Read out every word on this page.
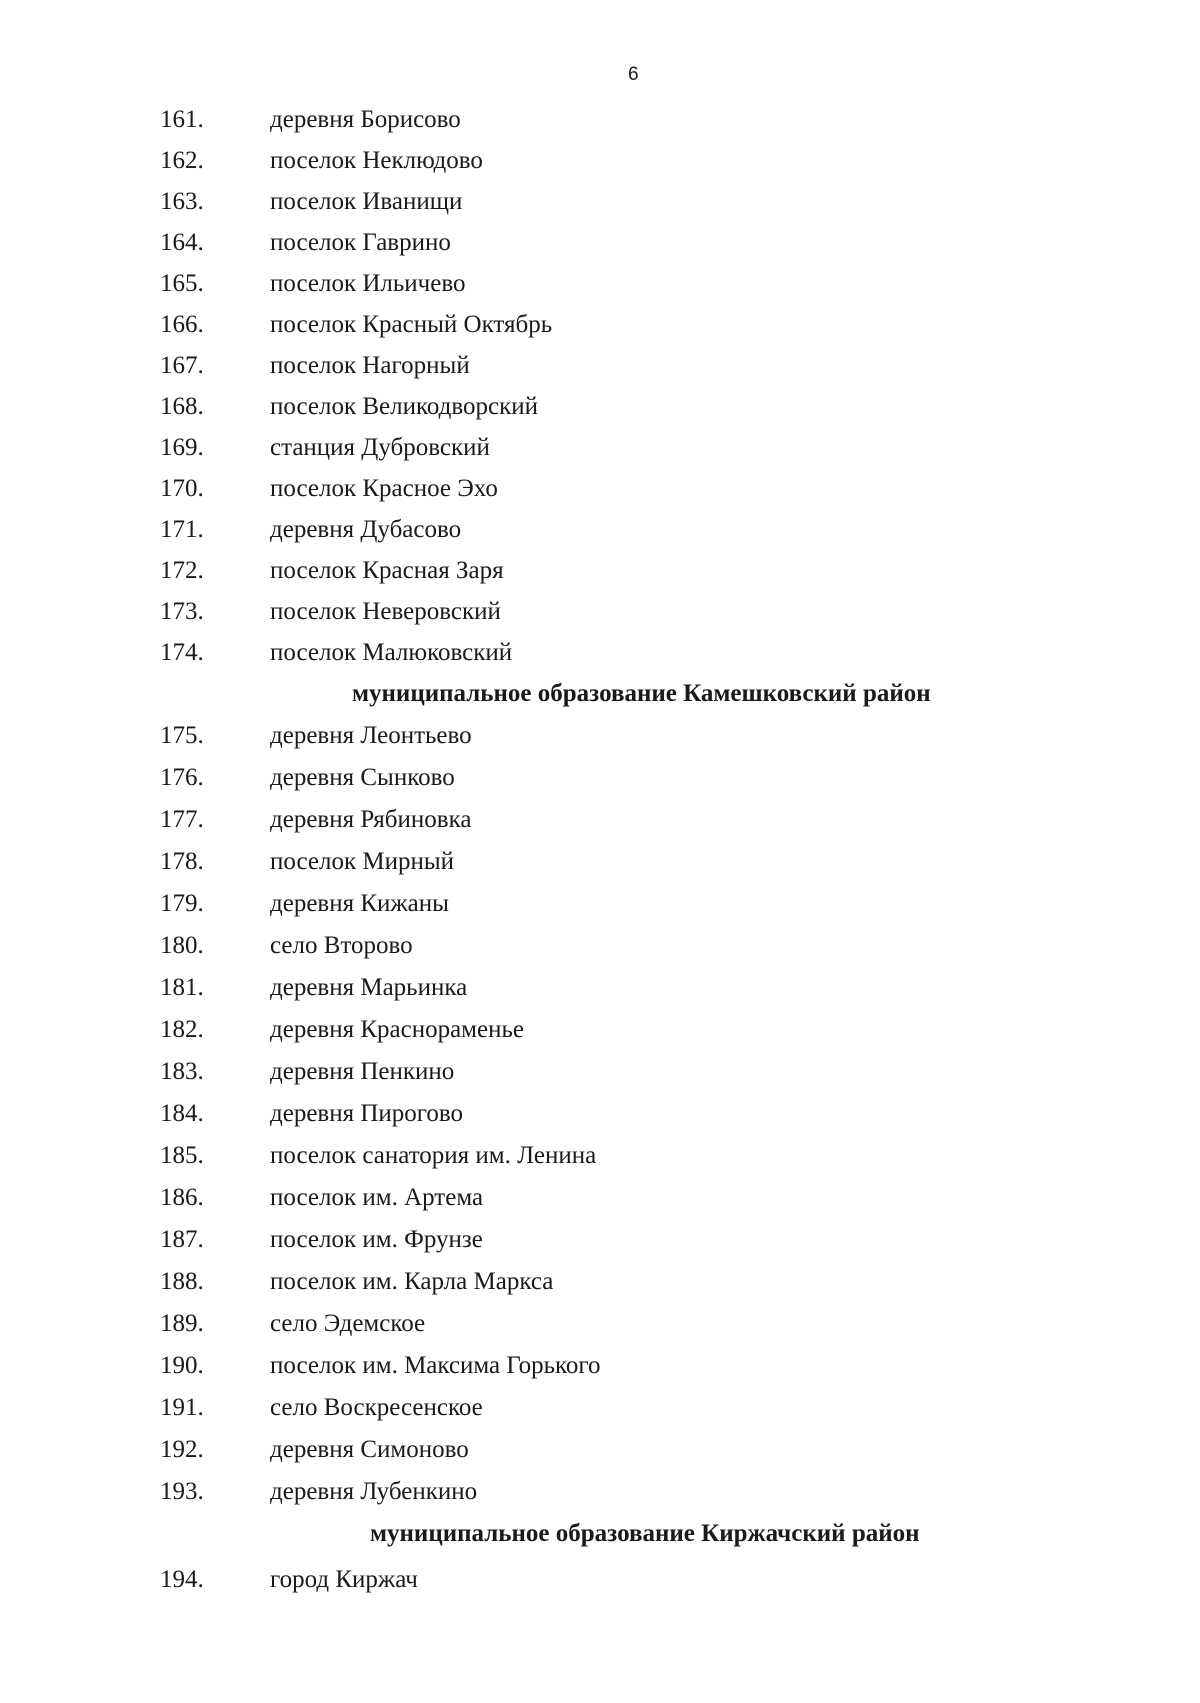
6
161.	деревня Борисово
162.	поселок Неклюдово
163.	поселок Иванищи
164.	поселок Гаврино
165.	поселок Ильичево
166.	поселок Красный Октябрь
167.	поселок Нагорный
168.	поселок Великодворский
169.	станция Дубровский
170.	поселок Красное Эхо
171.	деревня Дубасово
172.	поселок Красная Заря
173.	поселок Неверовский
174.	поселок Малюковский
муниципальное образование Камешковский район
175.	деревня Леонтьево
176.	деревня Сынково
177.	деревня Рябиновка
178.	поселок Мирный
179.	деревня Кижаны
180.	село Второво
181.	деревня Марьинка
182.	деревня Краснораменье
183.	деревня Пенкино
184.	деревня Пирогово
185.	поселок санатория им. Ленина
186.	поселок им. Артема
187.	поселок им. Фрунзе
188.	поселок им. Карла Маркса
189.	село Эдемское
190.	поселок им. Максима Горького
191.	село Воскресенское
192.	деревня Симоново
193.	деревня Лубенкино
муниципальное образование Киржачский район
194.	город Киржач
